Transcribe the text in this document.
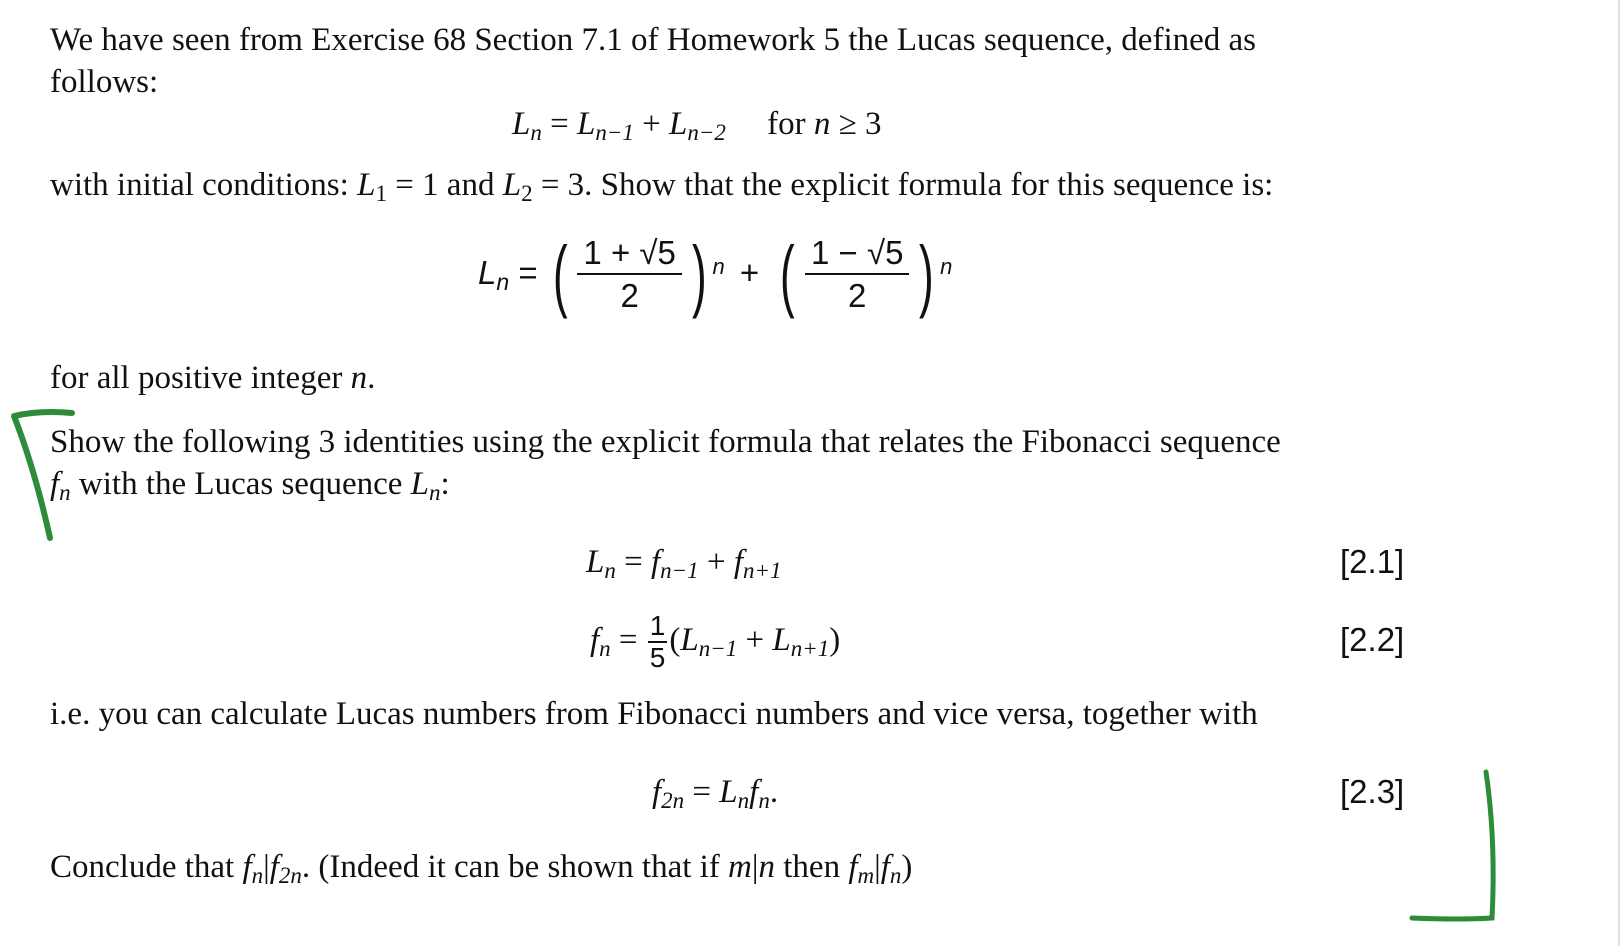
We have seen from Exercise 68 Section 7.1 of Homework 5 the Lucas sequence, defined as

follows:

$L_n = L_{n-1} + L_{n-2}$ for n ≥ 3

with initial conditions: $L_1 = 1$ and $L_2 = 3$. Show that the explicit formula for this sequence is:

$L_n$ = ( $\frac{1 + √5}{2}$ ) n + ( $\frac{1 - √5}{2}$ ) n

for all positive integer n.

Show the following 3 identities using the explicit formula that relates the Fibonacci sequence

$f_n$ with the Lucas sequence $L_n$:

$L_n = f_{n-1} + f_{n+1}$	[2.1]
$f_n = \frac{1}{5} (L_{n-1} + L_{n+1})$	[2.2]

i.e. you can calculate Lucas numbers from Fibonacci numbers and vice versa, together with

$f_{2n} = L_nf_n$.	[2.3]

Conclude that $f_n|f_{2n}$. (Indeed it can be shown that if m|n then $f_m|f_n$)
